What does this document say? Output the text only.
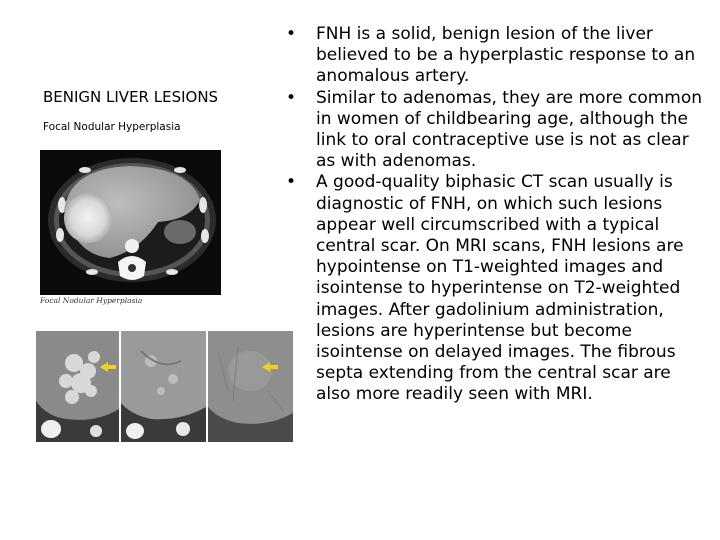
BENIGN LIVER LESIONS
Focal Nodular Hyperplasia
Focal Nodular Hyperplasia
• FNH is a solid, benign lesion of the liver believed to be a hyperplastic response to an anomalous artery.
• Similar to adenomas, they are more common in women of childbearing age, although the link to oral contraceptive use is not as clear as with adenomas.
• A good-quality biphasic CT scan usually is diagnostic of FNH, on which such lesions appear well circumscribed with a typical central scar. On MRI scans, FNH lesions are hypointense on T1-weighted images and isointense to hyperintense on T2-weighted images. After gadolinium administration, lesions are hyperintense but become isointense on delayed images. The fibrous septa extending from the central scar are also more readily seen with MRI.
